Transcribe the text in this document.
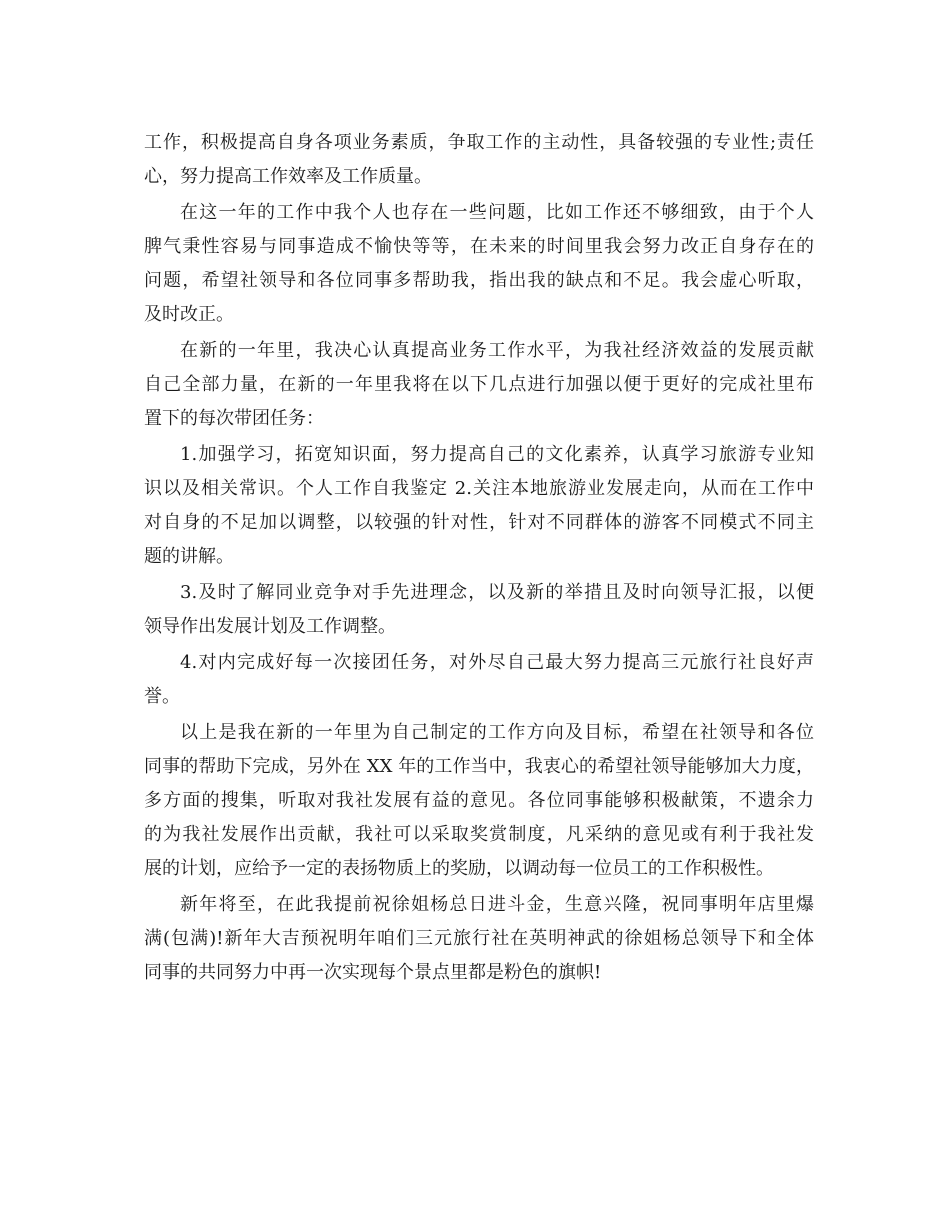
工作，积极提高自身各项业务素质，争取工作的主动性，具备较强的专业性;责任
心，努力提高工作效率及工作质量。
在这一年的工作中我个人也存在一些问题，比如工作还不够细致，由于个人
脾气秉性容易与同事造成不愉快等等，在未来的时间里我会努力改正自身存在的
问题，希望社领导和各位同事多帮助我，指出我的缺点和不足。我会虚心听取，
及时改正。
在新的一年里，我决心认真提高业务工作水平，为我社经济效益的发展贡献
自己全部力量，在新的一年里我将在以下几点进行加强以便于更好的完成社里布
置下的每次带团任务：
1.加强学习，拓宽知识面，努力提高自己的文化素养，认真学习旅游专业知
识以及相关常识。个人工作自我鉴定 2.关注本地旅游业发展走向，从而在工作中
对自身的不足加以调整，以较强的针对性，针对不同群体的游客不同模式不同主
题的讲解。
3.及时了解同业竞争对手先进理念，以及新的举措且及时向领导汇报，以便
领导作出发展计划及工作调整。
4.对内完成好每一次接团任务，对外尽自己最大努力提高三元旅行社良好声
誉。
以上是我在新的一年里为自己制定的工作方向及目标，希望在社领导和各位
同事的帮助下完成，另外在 XX 年的工作当中，我衷心的希望社领导能够加大力度，
多方面的搜集，听取对我社发展有益的意见。各位同事能够积极献策，不遗余力
的为我社发展作出贡献，我社可以采取奖赏制度，凡采纳的意见或有利于我社发
展的计划，应给予一定的表扬物质上的奖励，以调动每一位员工的工作积极性。
新年将至，在此我提前祝徐姐杨总日进斗金，生意兴隆，祝同事明年店里爆
满(包满)!新年大吉预祝明年咱们三元旅行社在英明神武的徐姐杨总领导下和全体
同事的共同努力中再一次实现每个景点里都是粉色的旗帜!
